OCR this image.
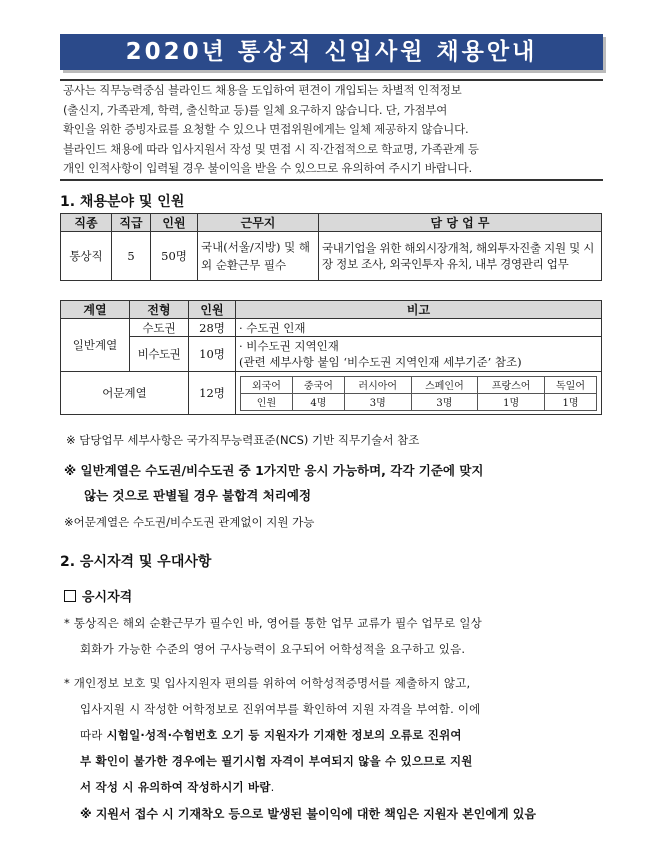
2020년 통상직 신입사원 채용안내
공사는 직무능력중심 블라인드 채용을 도입하여 편견이 개입되는 차별적 인적정보
(출신지, 가족관계, 학력, 출신학교 등)를 일체 요구하지 않습니다. 단, 가점부여
확인을 위한 증빙자료를 요청할 수 있으나 면접위원에게는 일체 제공하지 않습니다.
블라인드 채용에 따라 입사지원서 작성 및 면접 시 직·간접적으로 학교명, 가족관계 등
개인 인적사항이 입력될 경우 불이익을 받을 수 있으므로 유의하여 주시기 바랍니다.
1. 채용분야 및 인원
직종	직급	인원	근무지	담 당 업 무
통상직	5	50명	국내(서울/지방) 및 해외 순환근무 필수	국내기업을 위한 해외시장개척, 해외투자진출 지원 및 시장 정보 조사, 외국인투자 유치, 내부 경영관리 업무
계열	전형	인원	비고
일반계열	수도권	28명	· 수도권 인재
비수도권	10명	
· 비수도권 지역인재
(관련 세부사항 붙임 ‘비수도권 지역인재 세부기준’ 참조)

어문계열	12명		외국어	중국어	러시아어	스페인어	프랑스어	독일어
인원	4명	3명	3명	1명	1명
※ 담당업무 세부사항은 국가직무능력표준(NCS) 기반 직무기술서 참조
※ 일반계열은 수도권/비수도권 중 1가지만 응시 가능하며, 각각 기준에 맞지
않는 것으로 판별될 경우 불합격 처리예정
※어문계열은 수도권/비수도권 관계없이 지원 가능
2. 응시자격 및 우대사항
응시자격
* 통상직은 해외 순환근무가 필수인 바, 영어를 통한 업무 교류가 필수 업무로 일상
회화가 가능한 수준의 영어 구사능력이 요구되어 어학성적을 요구하고 있음.
* 개인정보 보호 및 입사지원자 편의를 위하여 어학성적증명서를 제출하지 않고,
입사지원 시 작성한 어학정보로 진위여부를 확인하여 지원 자격을 부여함. 이에
따라 시험일·성적·수험번호 오기 등 지원자가 기재한 정보의 오류로 진위여
부 확인이 불가한 경우에는 필기시험 자격이 부여되지 않을 수 있으므로 지원
서 작성 시 유의하여 작성하시기 바람.
※ 지원서 접수 시 기재착오 등으로 발생된 불이익에 대한 책임은 지원자 본인에게 있음
